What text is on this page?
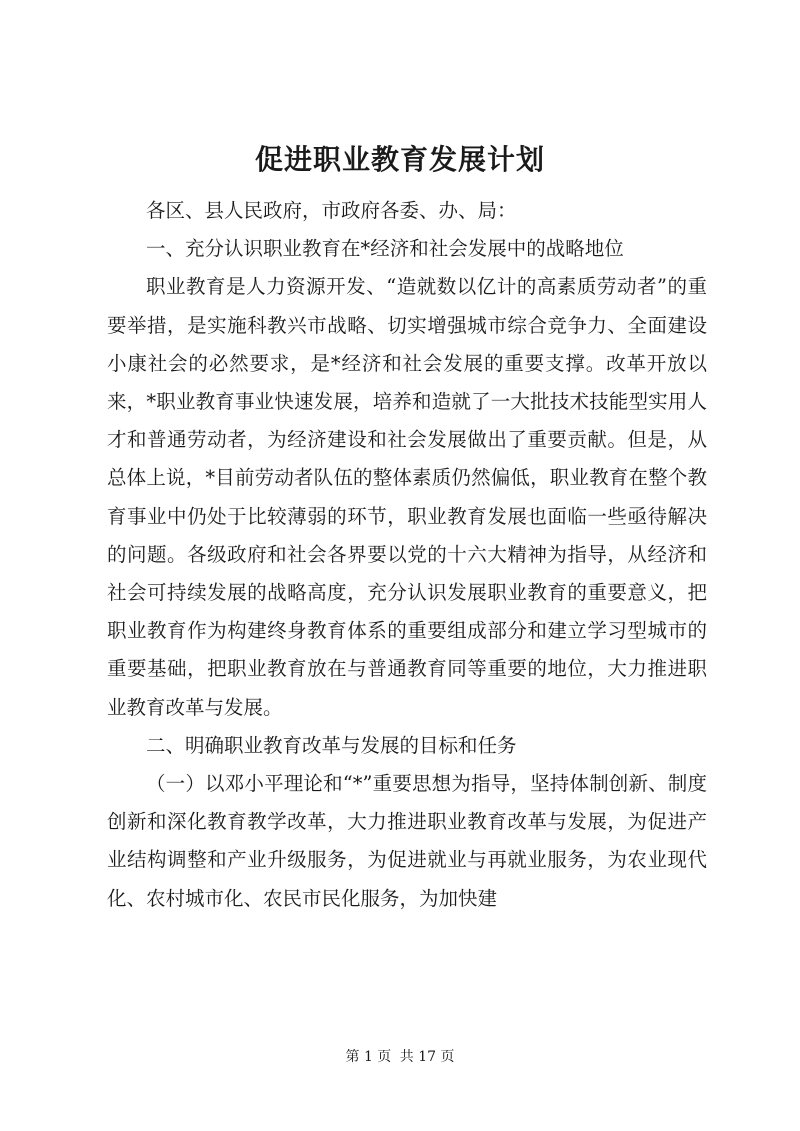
促进职业教育发展计划

各区、县人民政府，市政府各委、办、局：

一、充分认识职业教育在*经济和社会发展中的战略地位

职业教育是人力资源开发、“造就数以亿计的高素质劳动者”的重要举措，是实施科教兴市战略、切实增强城市综合竞争力、全面建设小康社会的必然要求，是*经济和社会发展的重要支撑。改革开放以来，*职业教育事业快速发展，培养和造就了一大批技术技能型实用人才和普通劳动者，为经济建设和社会发展做出了重要贡献。但是，从总体上说，*目前劳动者队伍的整体素质仍然偏低，职业教育在整个教育事业中仍处于比较薄弱的环节，职业教育发展也面临一些亟待解决的问题。各级政府和社会各界要以党的十六大精神为指导，从经济和社会可持续发展的战略高度，充分认识发展职业教育的重要意义，把职业教育作为构建终身教育体系的重要组成部分和建立学习型城市的重要基础，把职业教育放在与普通教育同等重要的地位，大力推进职业教育改革与发展。

二、明确职业教育改革与发展的目标和任务

（一）以邓小平理论和“*”重要思想为指导，坚持体制创新、制度创新和深化教育教学改革，大力推进职业教育改革与发展，为促进产业结构调整和产业升级服务，为促进就业与再就业服务，为农业现代化、农村城市化、农民市民化服务，为加快建

第 1 页 共 17 页
